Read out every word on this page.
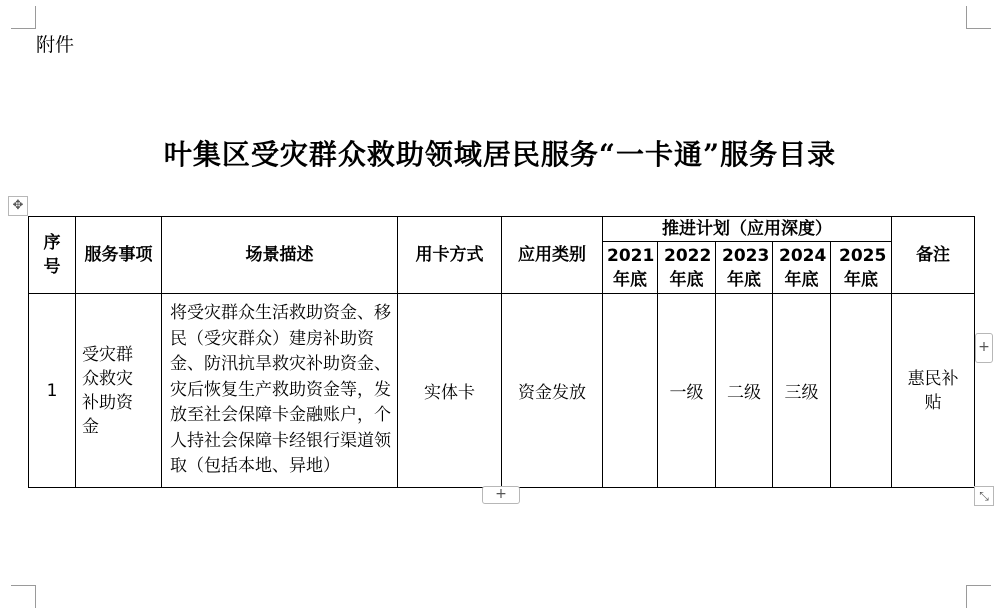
附件
叶集区受灾群众救助领域居民服务“一卡通”服务目录
✥
序号	服务事项	场景描述	用卡方式	应用类别	推进计划（应用深度）					备注
					2021年底	2022年底	2023年底	2024年底	2025年底	
1	受灾群众救灾补助资金	将受灾群众生活救助资金、移民（受灾群众）建房补助资金、防汛抗旱救灾补助资金、灾后恢复生产救助资金等，发放至社会保障卡金融账户，个人持社会保障卡经银行渠道领取（包括本地、异地）	实体卡	资金发放		一级	二级	三级		惠民补贴
+
+	⤡
